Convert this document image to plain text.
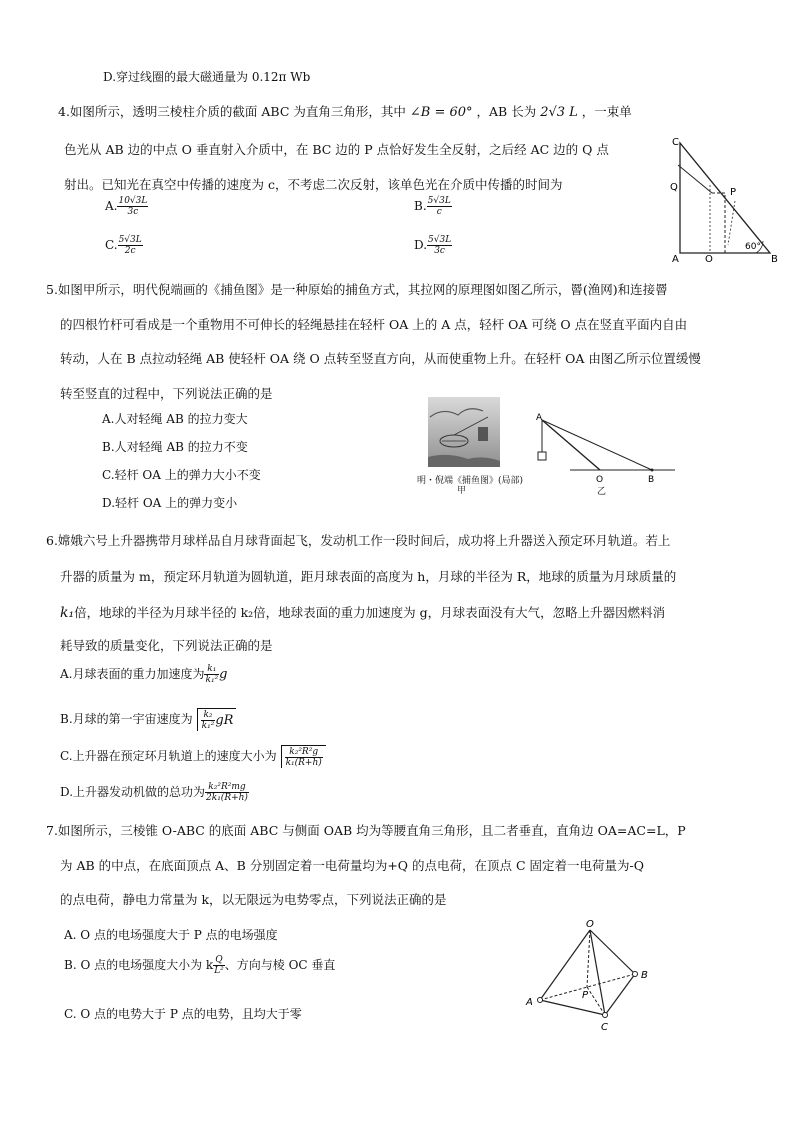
D.穿过线圈的最大磁通量为 0.12π Wb
4.如图所示，透明三棱柱介质的截面 ABC 为直角三角形，其中 ∠B = 60° ，AB 长为 2√3 L ，一束单
色光从 AB 边的中点 O 垂直射入介质中，在 BC 边的 P 点恰好发生全反射，之后经 AC 边的 Q 点
射出。已知光在真空中传播的速度为 c，不考虑二次反射，该单色光在介质中传播的时间为
A. $\frac{10√3L}{3c}$	B. $\frac{5√3L}{c}$
C. $\frac{5√3L}{2c}$	D. $\frac{5√3L}{3c}$
C
Q	P
A	O
60°
B
5.如图甲所示，明代倪端画的《捕鱼图》是一种原始的捕鱼方式，其拉网的原理图如图乙所示，罾(渔网)和连接罾
的四根竹杆可看成是一个重物用不可伸长的轻绳悬挂在轻杆 OA 上的 A 点，轻杆 OA 可绕 O 点在竖直平面内自由
转动，人在 B 点拉动轻绳 AB 使轻杆 OA 绕 O 点转至竖直方向，从而使重物上升。在轻杆 OA 由图乙所示位置缓慢
转至竖直的过程中，下列说法正确的是
A.人对轻绳 AB 的拉力变大
B.人对轻绳 AB 的拉力不变
C.轻杆 OA 上的弹力大小不变
D.轻杆 OA 上的弹力变小
明・倪端《捕鱼图》(局部)
甲
A
O	B
乙
6.嫦娥六号上升器携带月球样品自月球背面起飞，发动机工作一段时间后，成功将上升器送入预定环月轨道。若上
升器的质量为 m，预定环月轨道为圆轨道，距月球表面的高度为 h，月球的半径为 R，地球的质量为月球质量的
k₁倍，地球的半径为月球半径的 k₂倍，地球表面的重力加速度为 g，月球表面没有大气，忽略上升器因燃料消
耗导致的质量变化，下列说法正确的是
A.月球表面的重力加速度为 $\frac{\text{k₁}}{\text{k₁²}}$ g
B.月球的第一宇宙速度为 $\frac{\text{k₂}}{\text{k₁²}}$ gR
C.上升器在预定环月轨道上的速度大小为 $\frac{\text{k₂²R²g}}{\text{k₁(R+h)}}$
D.上升器发动机做的总功为 $\frac{\text{k₂²R²mg}}{\text{2k₁(R+h)}}$
7.如图所示，三棱锥 O-ABC 的底面 ABC 与侧面 OAB 均为等腰直角三角形，且二者垂直，直角边 OA=AC=L，P
为 AB 的中点，在底面顶点 A、B 分别固定着一电荷量均为+Q 的点电荷，在顶点 C 固定着一电荷量为-Q
的点电荷，静电力常量为 k，以无限远为电势零点，下列说法正确的是
A. O 点的电场强度大于 P 点的电场强度
B. O 点的电场强度大小为 k $\frac{Q}{\text{L²}}$ 、方向与棱 OC 垂直
C. O 点的电势大于 P 点的电势，且均大于零
O
B
A
P
C
